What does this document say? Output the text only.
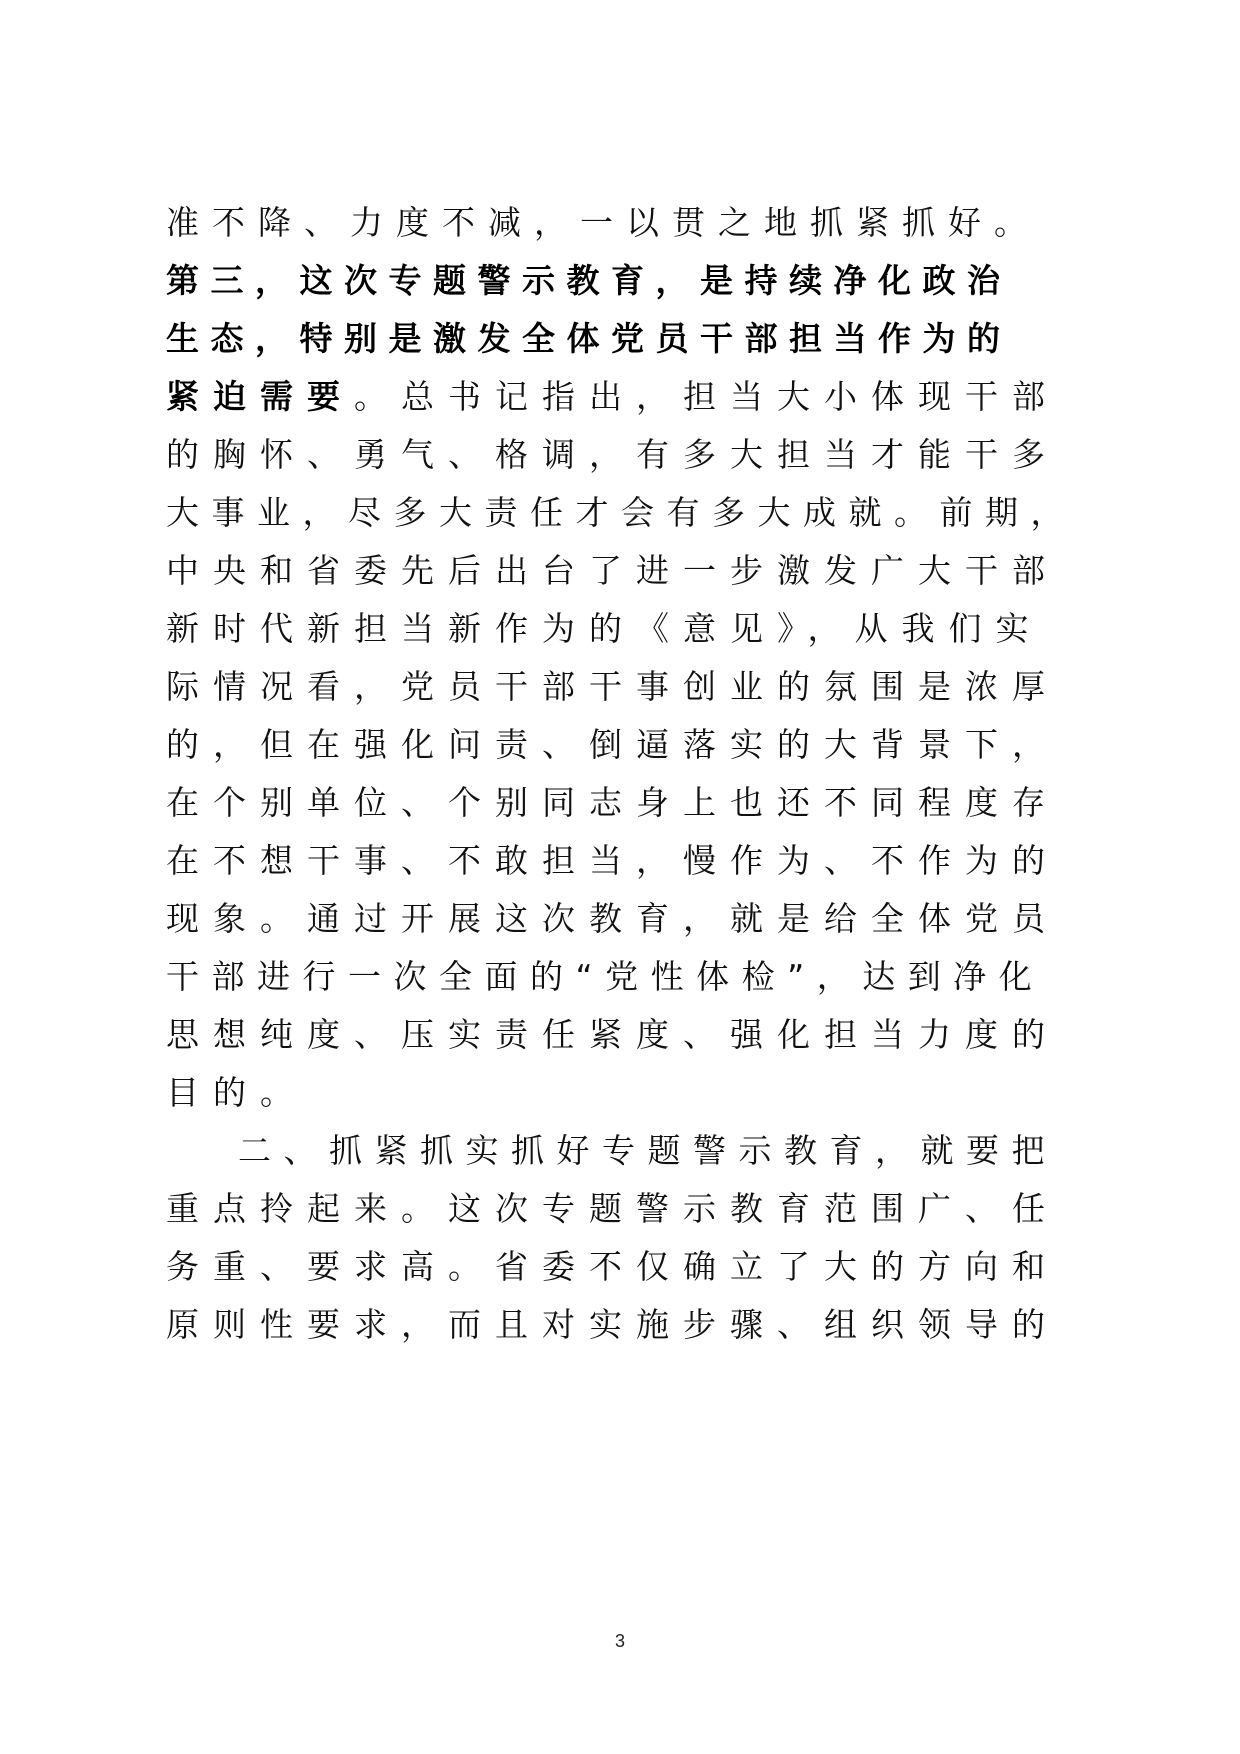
准不降、力度不减，一以贯之地抓紧抓好。
第三，这次专题警示教育，是持续净化政治
生态，特别是激发全体党员干部担当作为的
紧迫需要。总书记指出，担当大小体现干部
的胸怀、勇气、格调，有多大担当才能干多
大事业，尽多大责任才会有多大成就。前期，
中央和省委先后出台了进一步激发广大干部
新时代新担当新作为的《意见》，从我们实
际情况看，党员干部干事创业的氛围是浓厚
的，但在强化问责、倒逼落实的大背景下，
在个别单位、个别同志身上也还不同程度存
在不想干事、不敢担当，慢作为、不作为的
现象。通过开展这次教育，就是给全体党员
干部进行一次全面的“党性体检”，达到净化
思想纯度、压实责任紧度、强化担当力度的
目的。
二、抓紧抓实抓好专题警示教育，就要把
重点拎起来。这次专题警示教育范围广、任
务重、要求高。省委不仅确立了大的方向和
原则性要求，而且对实施步骤、组织领导的
3
